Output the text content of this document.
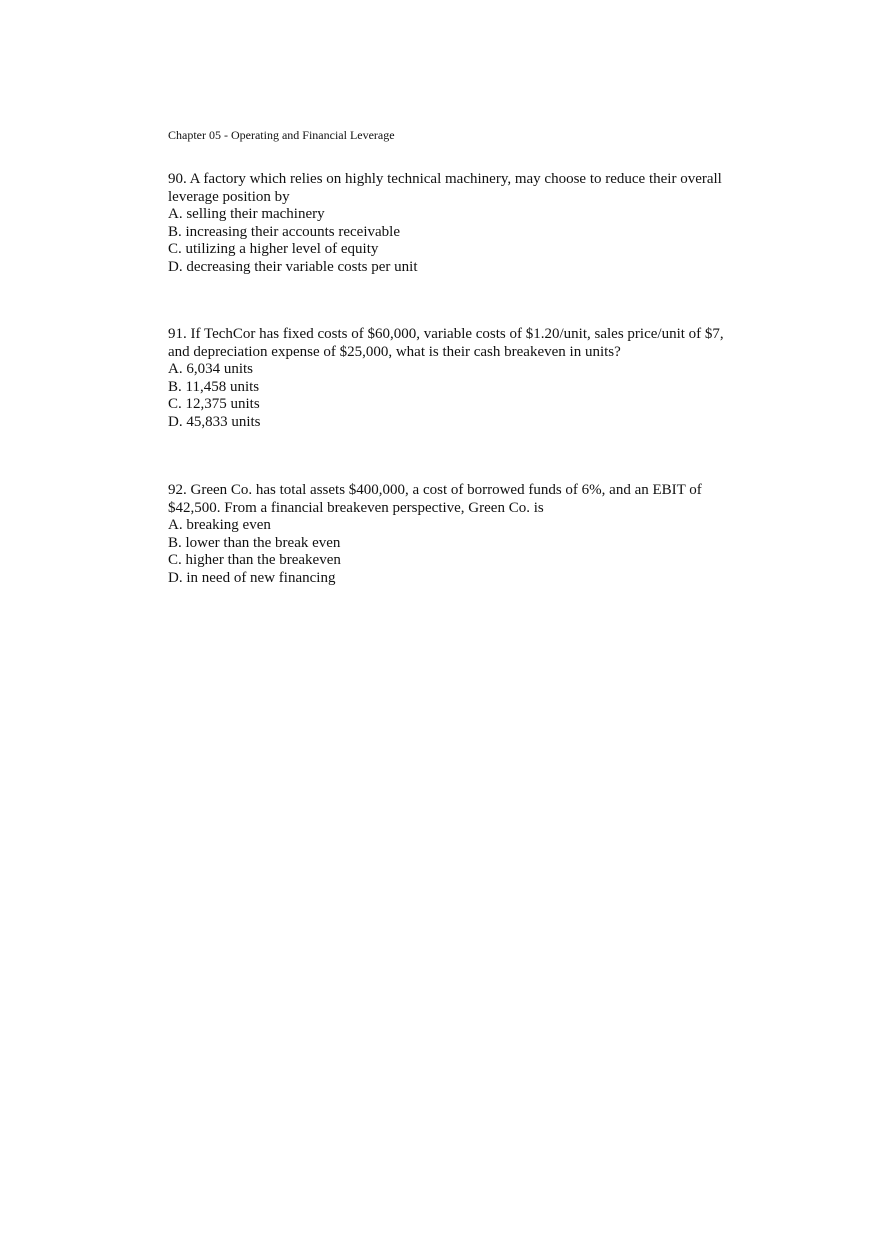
Chapter 05 - Operating and Financial Leverage

90. A factory which relies on highly technical machinery, may choose to reduce their overall leverage position by

A. selling their machinery
B. increasing their accounts receivable
C. utilizing a higher level of equity
D. decreasing their variable costs per unit

91. If TechCor has fixed costs of $60,000, variable costs of $1.20/unit, sales price/unit of $7, and depreciation expense of $25,000, what is their cash breakeven in units?

A. 6,034 units
B. 11,458 units
C. 12,375 units
D. 45,833 units

92. Green Co. has total assets $400,000, a cost of borrowed funds of 6%, and an EBIT of $42,500. From a financial breakeven perspective, Green Co. is

A. breaking even
B. lower than the break even
C. higher than the breakeven
D. in need of new financing
